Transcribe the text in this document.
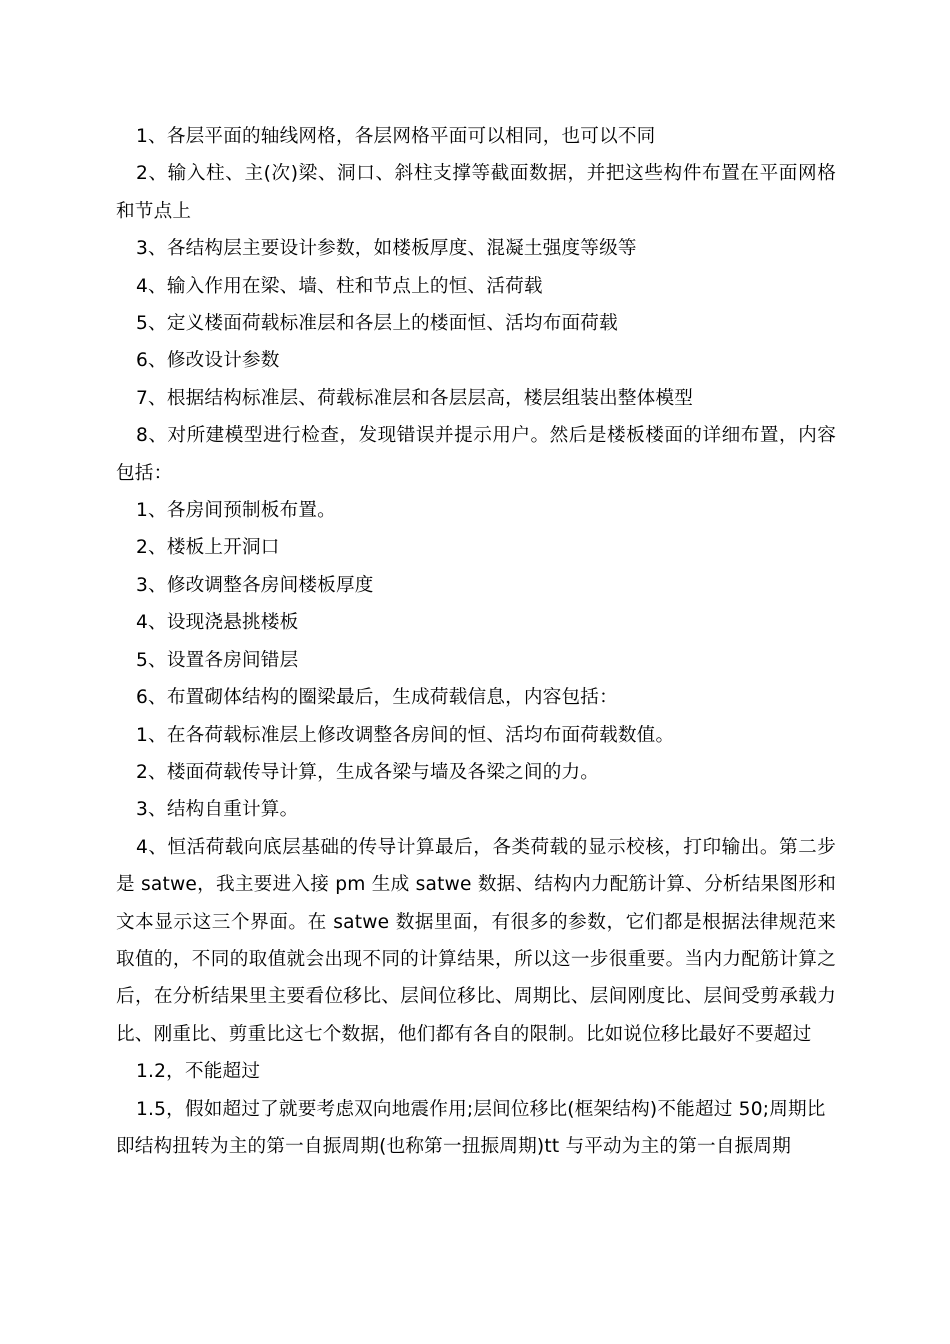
1、各层平面的轴线网格，各层网格平面可以相同，也可以不同

2、输入柱、主(次)梁、洞口、斜柱支撑等截面数据，并把这些构件布置在平面网格和节点上

3、各结构层主要设计参数，如楼板厚度、混凝土强度等级等

4、输入作用在梁、墙、柱和节点上的恒、活荷载

5、定义楼面荷载标准层和各层上的楼面恒、活均布面荷载

6、修改设计参数

7、根据结构标准层、荷载标准层和各层层高，楼层组装出整体模型

8、对所建模型进行检查，发现错误并提示用户。然后是楼板楼面的详细布置，内容包括：

1、各房间预制板布置。

2、楼板上开洞口

3、修改调整各房间楼板厚度

4、设现浇悬挑楼板

5、设置各房间错层

6、布置砌体结构的圈梁最后，生成荷载信息，内容包括：

1、在各荷载标准层上修改调整各房间的恒、活均布面荷载数值。

2、楼面荷载传导计算，生成各梁与墙及各梁之间的力。

3、结构自重计算。

4、恒活荷载向底层基础的传导计算最后，各类荷载的显示校核，打印输出。第二步是 satwe，我主要进入接 pm 生成 satwe 数据、结构内力配筋计算、分析结果图形和文本显示这三个界面。在 satwe 数据里面，有很多的参数，它们都是根据法律规范来取值的，不同的取值就会出现不同的计算结果，所以这一步很重要。当内力配筋计算之后，在分析结果里主要看位移比、层间位移比、周期比、层间刚度比、层间受剪承载力比、刚重比、剪重比这七个数据，他们都有各自的限制。比如说位移比最好不要超过

1.2，不能超过

1.5，假如超过了就要考虑双向地震作用;层间位移比(框架结构)不能超过 50;周期比即结构扭转为主的第一自振周期(也称第一扭振周期)tt 与平动为主的第一自振周期
